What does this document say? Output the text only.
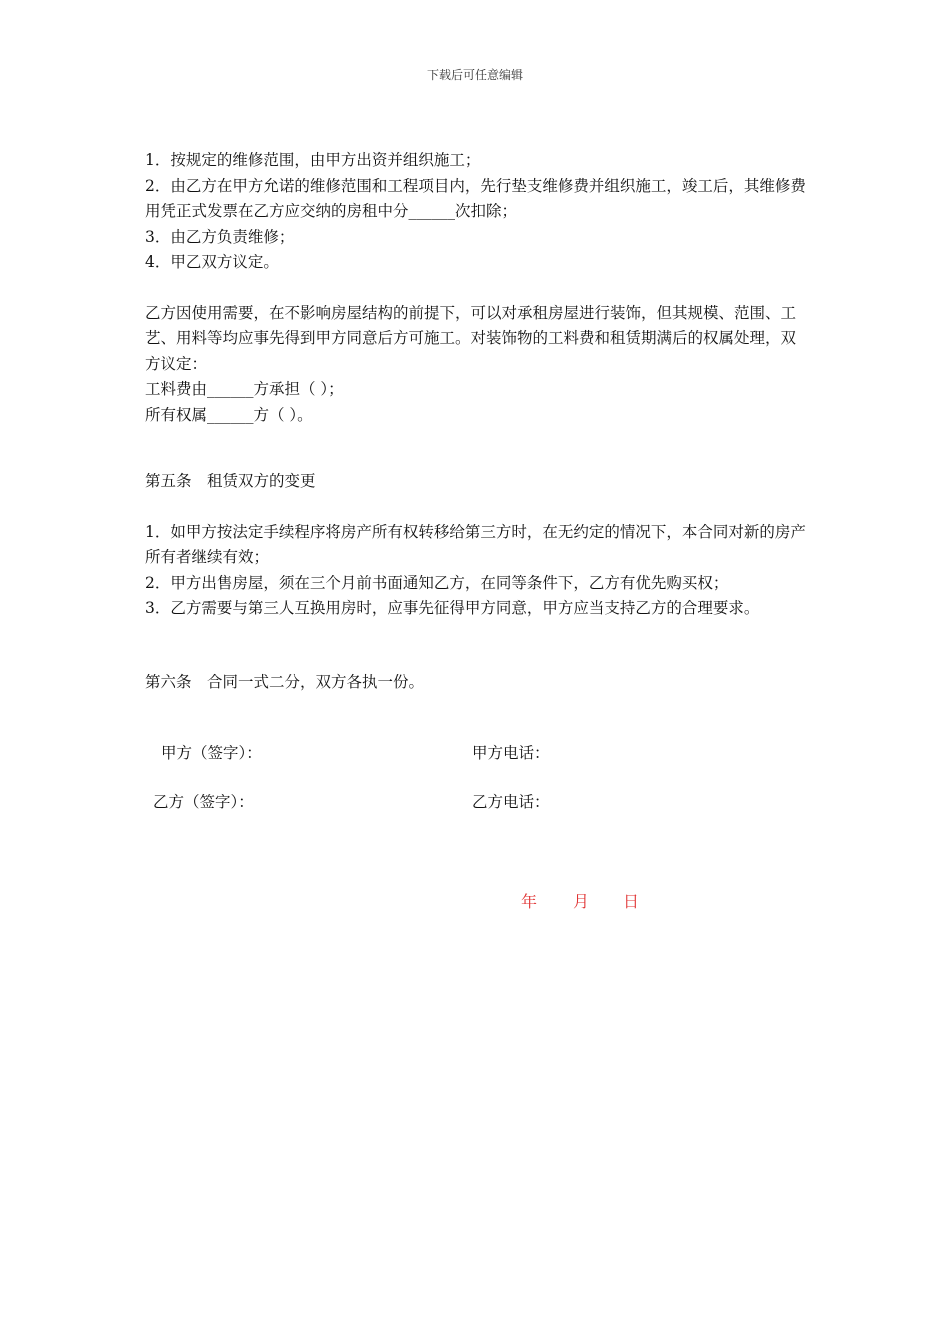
下载后可任意编辑

1．按规定的维修范围，由甲方出资并组织施工；

2．由乙方在甲方允诺的维修范围和工程项目内，先行垫支维修费并组织施工，竣工后，其维修费用凭正式发票在乙方应交纳的房租中分______次扣除；

3．由乙方负责维修；

4．甲乙双方议定。

乙方因使用需要，在不影响房屋结构的前提下，可以对承租房屋进行装饰，但其规模、范围、工艺、用料等均应事先得到甲方同意后方可施工。对装饰物的工料费和租赁期满后的权属处理，双方议定：

工料费由______方承担（ ）；

所有权属______方（ ）。

第五条　租赁双方的变更

1．如甲方按法定手续程序将房产所有权转移给第三方时，在无约定的情况下，本合同对新的房产所有者继续有效；

2．甲方出售房屋，须在三个月前书面通知乙方，在同等条件下，乙方有优先购买权；

3．乙方需要与第三人互换用房时，应事先征得甲方同意，甲方应当支持乙方的合理要求。

第六条　合同一式二分，双方各执一份。

甲方（签字）：	甲方电话：
乙方（签字）：	乙方电话：
年	月	日
